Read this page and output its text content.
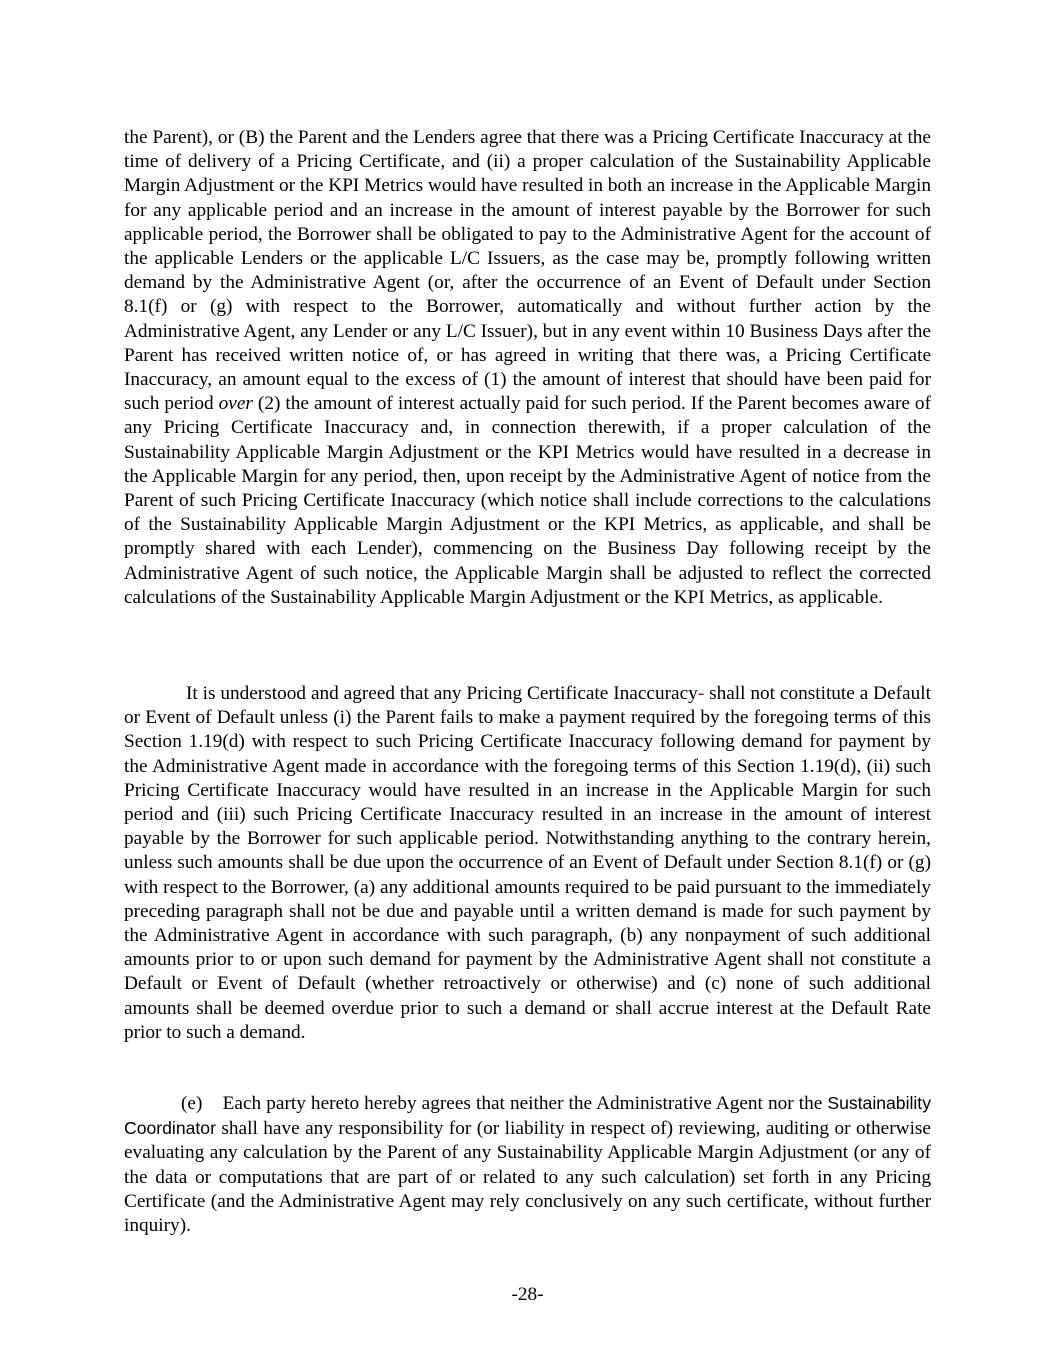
the Parent), or (B) the Parent and the Lenders agree that there was a Pricing Certificate Inaccuracy at the time of delivery of a Pricing Certificate, and (ii) a proper calculation of the Sustainability Applicable Margin Adjustment or the KPI Metrics would have resulted in both an increase in the Applicable Margin for any applicable period and an increase in the amount of interest payable by the Borrower for such applicable period, the Borrower shall be obligated to pay to the Administrative Agent for the account of the applicable Lenders or the applicable L/C Issuers, as the case may be, promptly following written demand by the Administrative Agent (or, after the occurrence of an Event of Default under Section 8.1(f) or (g) with respect to the Borrower, automatically and without further action by the Administrative Agent, any Lender or any L/C Issuer), but in any event within 10 Business Days after the Parent has received written notice of, or has agreed in writing that there was, a Pricing Certificate Inaccuracy, an amount equal to the excess of (1) the amount of interest that should have been paid for such period over (2) the amount of interest actually paid for such period. If the Parent becomes aware of any Pricing Certificate Inaccuracy and, in connection therewith, if a proper calculation of the Sustainability Applicable Margin Adjustment or the KPI Metrics would have resulted in a decrease in the Applicable Margin for any period, then, upon receipt by the Administrative Agent of notice from the Parent of such Pricing Certificate Inaccuracy (which notice shall include corrections to the calculations of the Sustainability Applicable Margin Adjustment or the KPI Metrics, as applicable, and shall be promptly shared with each Lender), commencing on the Business Day following receipt by the Administrative Agent of such notice, the Applicable Margin shall be adjusted to reflect the corrected calculations of the Sustainability Applicable Margin Adjustment or the KPI Metrics, as applicable.

It is understood and agreed that any Pricing Certificate Inaccuracy- shall not constitute a Default or Event of Default unless (i) the Parent fails to make a payment required by the foregoing terms of this Section 1.19(d) with respect to such Pricing Certificate Inaccuracy following demand for payment by the Administrative Agent made in accordance with the foregoing terms of this Section 1.19(d), (ii) such Pricing Certificate Inaccuracy would have resulted in an increase in the Applicable Margin for such period and (iii) such Pricing Certificate Inaccuracy resulted in an increase in the amount of interest payable by the Borrower for such applicable period. Notwithstanding anything to the contrary herein, unless such amounts shall be due upon the occurrence of an Event of Default under Section 8.1(f) or (g) with respect to the Borrower, (a) any additional amounts required to be paid pursuant to the immediately preceding paragraph shall not be due and payable until a written demand is made for such payment by the Administrative Agent in accordance with such paragraph, (b) any nonpayment of such additional amounts prior to or upon such demand for payment by the Administrative Agent shall not constitute a Default or Event of Default (whether retroactively or otherwise) and (c) none of such additional amounts shall be deemed overdue prior to such a demand or shall accrue interest at the Default Rate prior to such a demand.

(e) Each party hereto hereby agrees that neither the Administrative Agent nor the Sustainability Coordinator shall have any responsibility for (or liability in respect of) reviewing, auditing or otherwise evaluating any calculation by the Parent of any Sustainability Applicable Margin Adjustment (or any of the data or computations that are part of or related to any such calculation) set forth in any Pricing Certificate (and the Administrative Agent may rely conclusively on any such certificate, without further inquiry).

-28-
